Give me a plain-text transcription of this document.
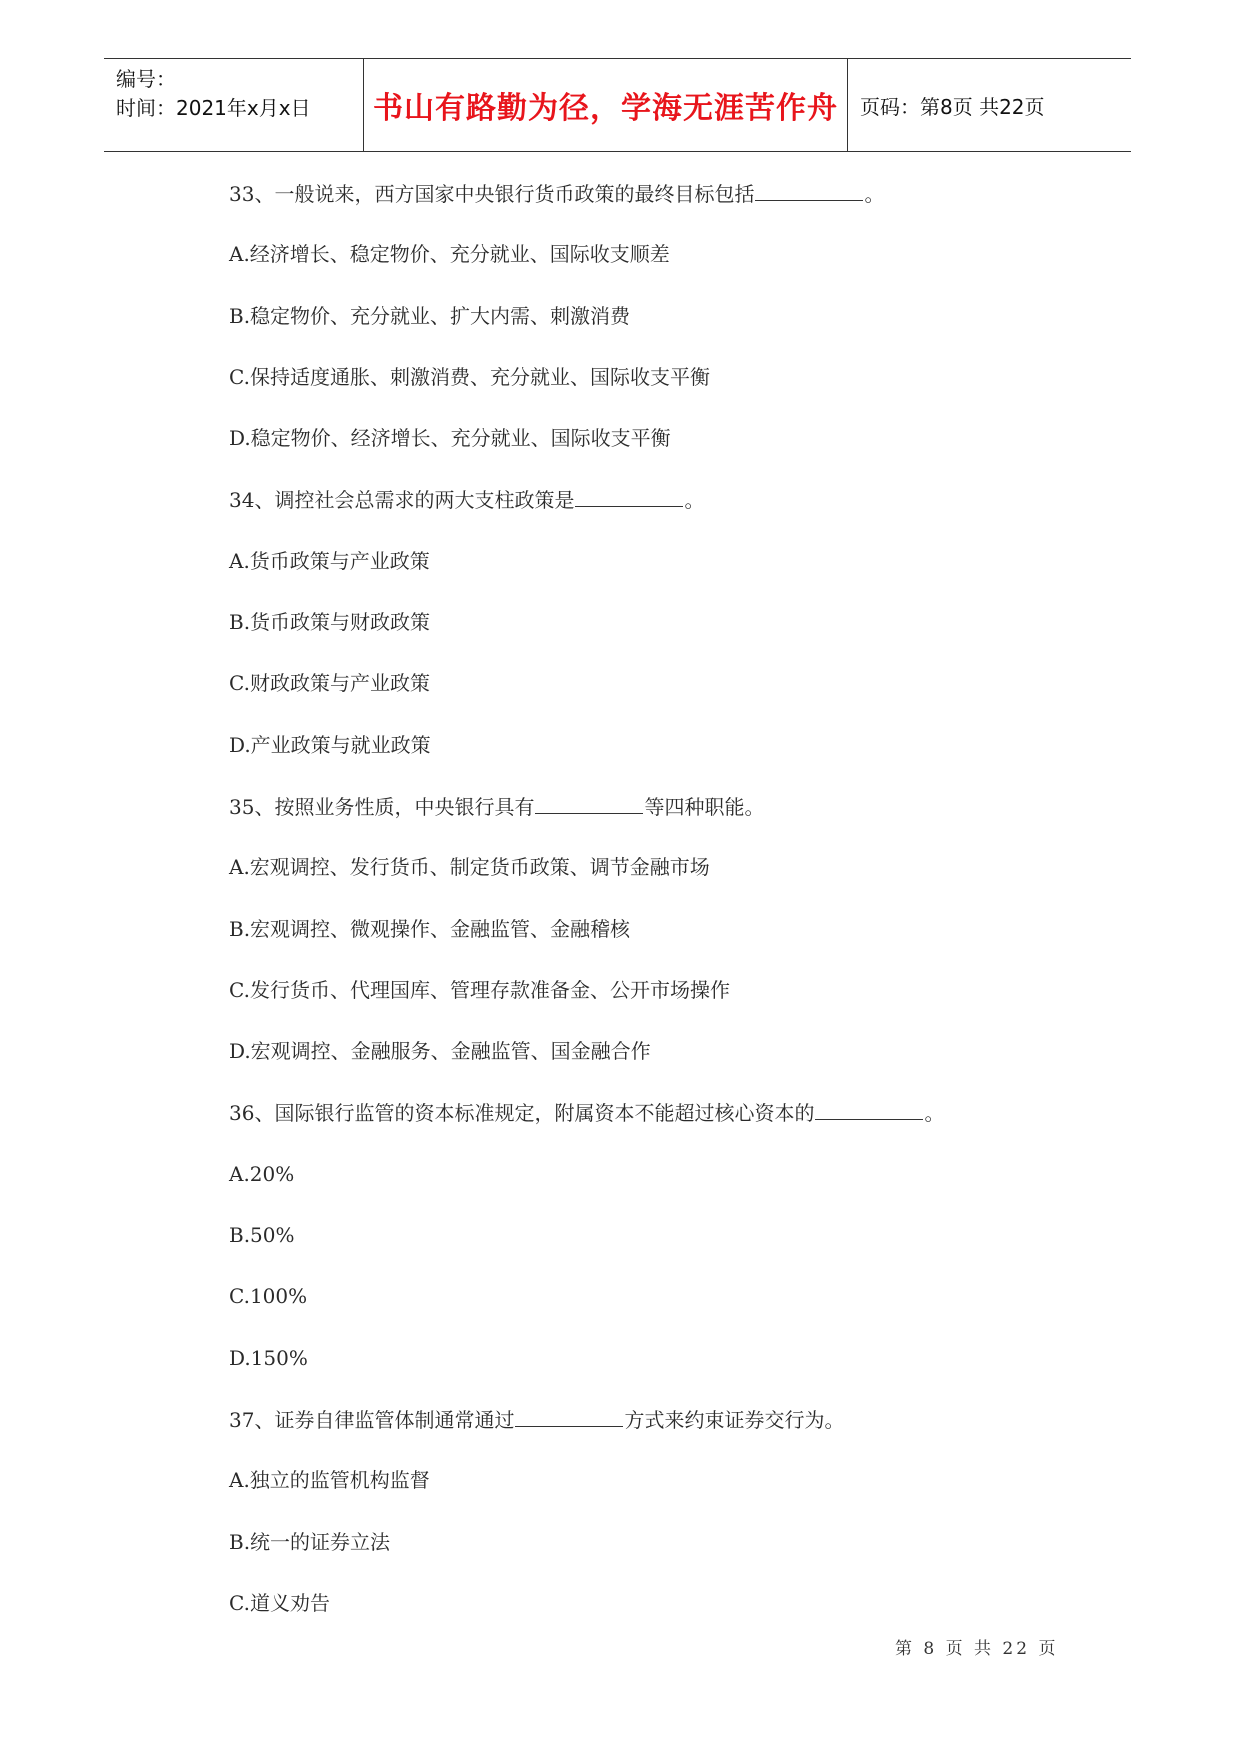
编号：
时间：2021年x月x日	书山有路勤为径，学海无涯苦作舟	页码：第8页 共22页
33、一般说来，西方国家中央银行货币政策的最终目标包括	。
A.经济增长、稳定物价、充分就业、国际收支顺差
B.稳定物价、充分就业、扩大内需、刺激消费
C.保持适度通胀、刺激消费、充分就业、国际收支平衡
D.稳定物价、经济增长、充分就业、国际收支平衡
34、调控社会总需求的两大支柱政策是	。
A.货币政策与产业政策
B.货币政策与财政政策
C.财政政策与产业政策
D.产业政策与就业政策
35、按照业务性质，中央银行具有	等四种职能。
A.宏观调控、发行货币、制定货币政策、调节金融市场
B.宏观调控、微观操作、金融监管、金融稽核
C.发行货币、代理国库、管理存款准备金、公开市场操作
D.宏观调控、金融服务、金融监管、国金融合作
36、国际银行监管的资本标准规定，附属资本不能超过核心资本的	。
A.20%
B.50%
C.100%
D.150%
37、证券自律监管体制通常通过	方式来约束证券交行为。
A.独立的监管机构监督
B.统一的证券立法
C.道义劝告
第 8 页 共 22 页
